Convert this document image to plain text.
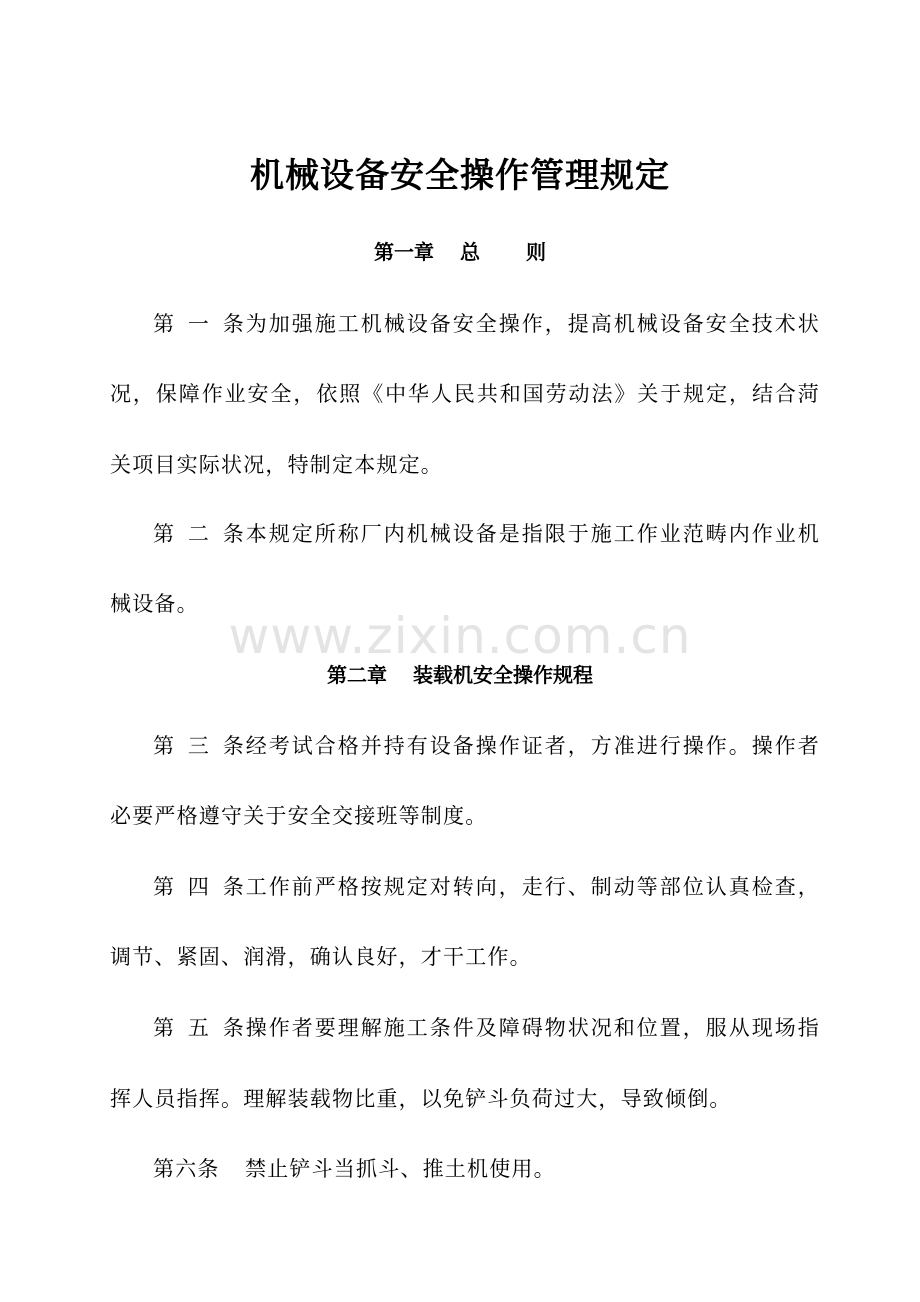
机械设备安全操作管理规定
第一章 总 则
第一条为加强施工机械设备安全操作，提高机械设备安全技术状
况，保障作业安全，依照《中华人民共和国劳动法》关于规定，结合菏
关项目实际状况，特制定本规定。
第二条本规定所称厂内机械设备是指限于施工作业范畴内作业机
械设备。
www.zixin.com.cn
第二章 装载机安全操作规程
第三条经考试合格并持有设备操作证者，方准进行操作。操作者
必要严格遵守关于安全交接班等制度。
第四条工作前严格按规定对转向，走行、制动等部位认真检查，
调节、紧固、润滑，确认良好，才干工作。
第五条操作者要理解施工条件及障碍物状况和位置，服从现场指
挥人员指挥。理解装载物比重，以免铲斗负荷过大，导致倾倒。
第六条 禁止铲斗当抓斗、推土机使用。
